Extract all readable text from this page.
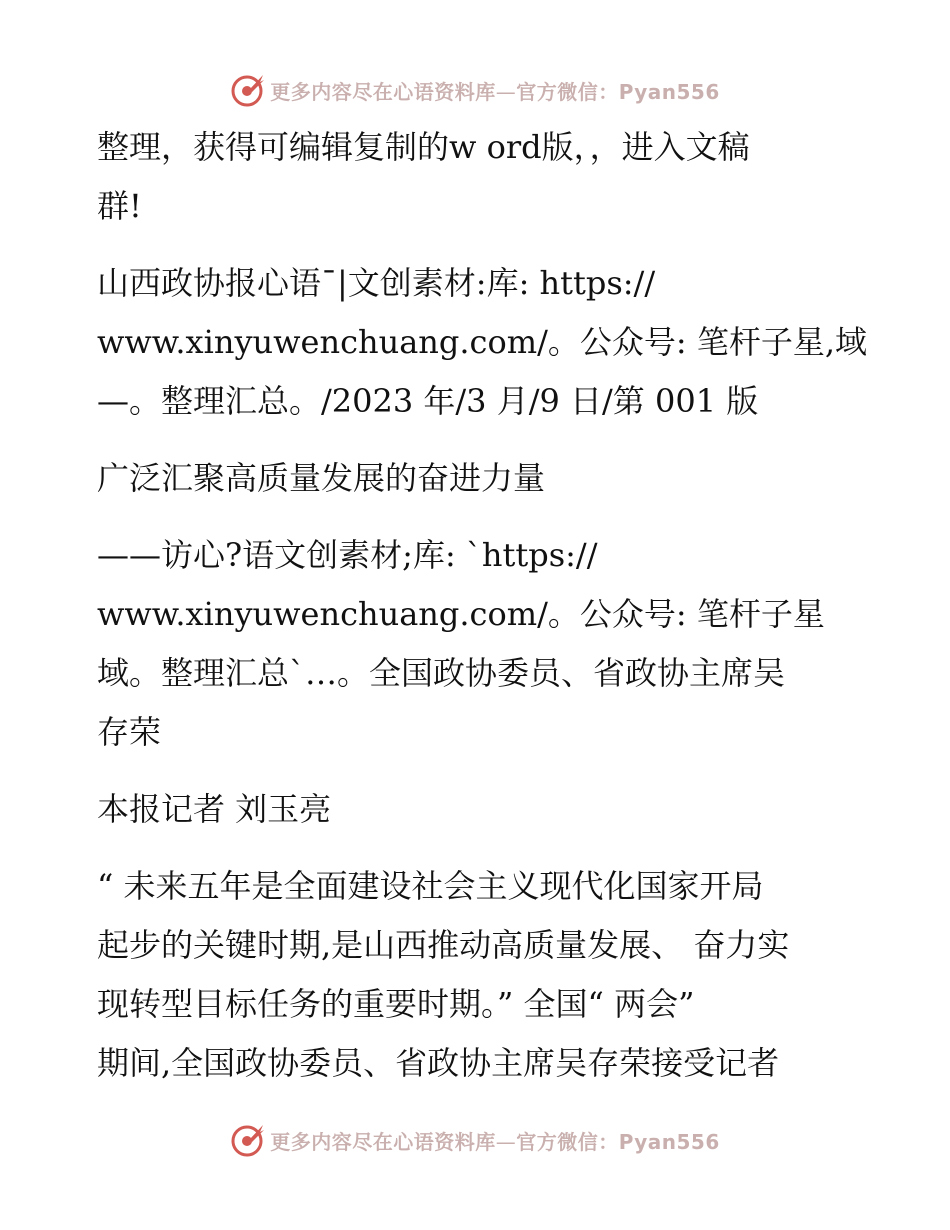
更多内容尽在心语资料库—官方微信：Pyan556
整理，获得可编辑复制的w ord版，，进入文稿
群!
山西政协报心语¯|文创素材:库: https://
www.xinyuwenchuang.com/。公众号: 笔杆子星,域
—。整理汇总。/2023 年/3 月/9 日/第 001 版
广泛汇聚高质量发展的奋进力量
——访心?语文创素材;库: `https://
www.xinyuwenchuang.com/。公众号: 笔杆子星
域。整理汇总`…。全国政协委员、省政协主席吴
存荣
本报记者 刘玉亮
“ 未来五年是全面建设社会主义现代化国家开局
起步的关键时期,是山西推动高质量发展、 奋力实
现转型目标任务的重要时期。” 全国“ 两会”
期间,全国政协委员、省政协主席吴存荣接受记者
更多内容尽在心语资料库—官方微信：Pyan556
